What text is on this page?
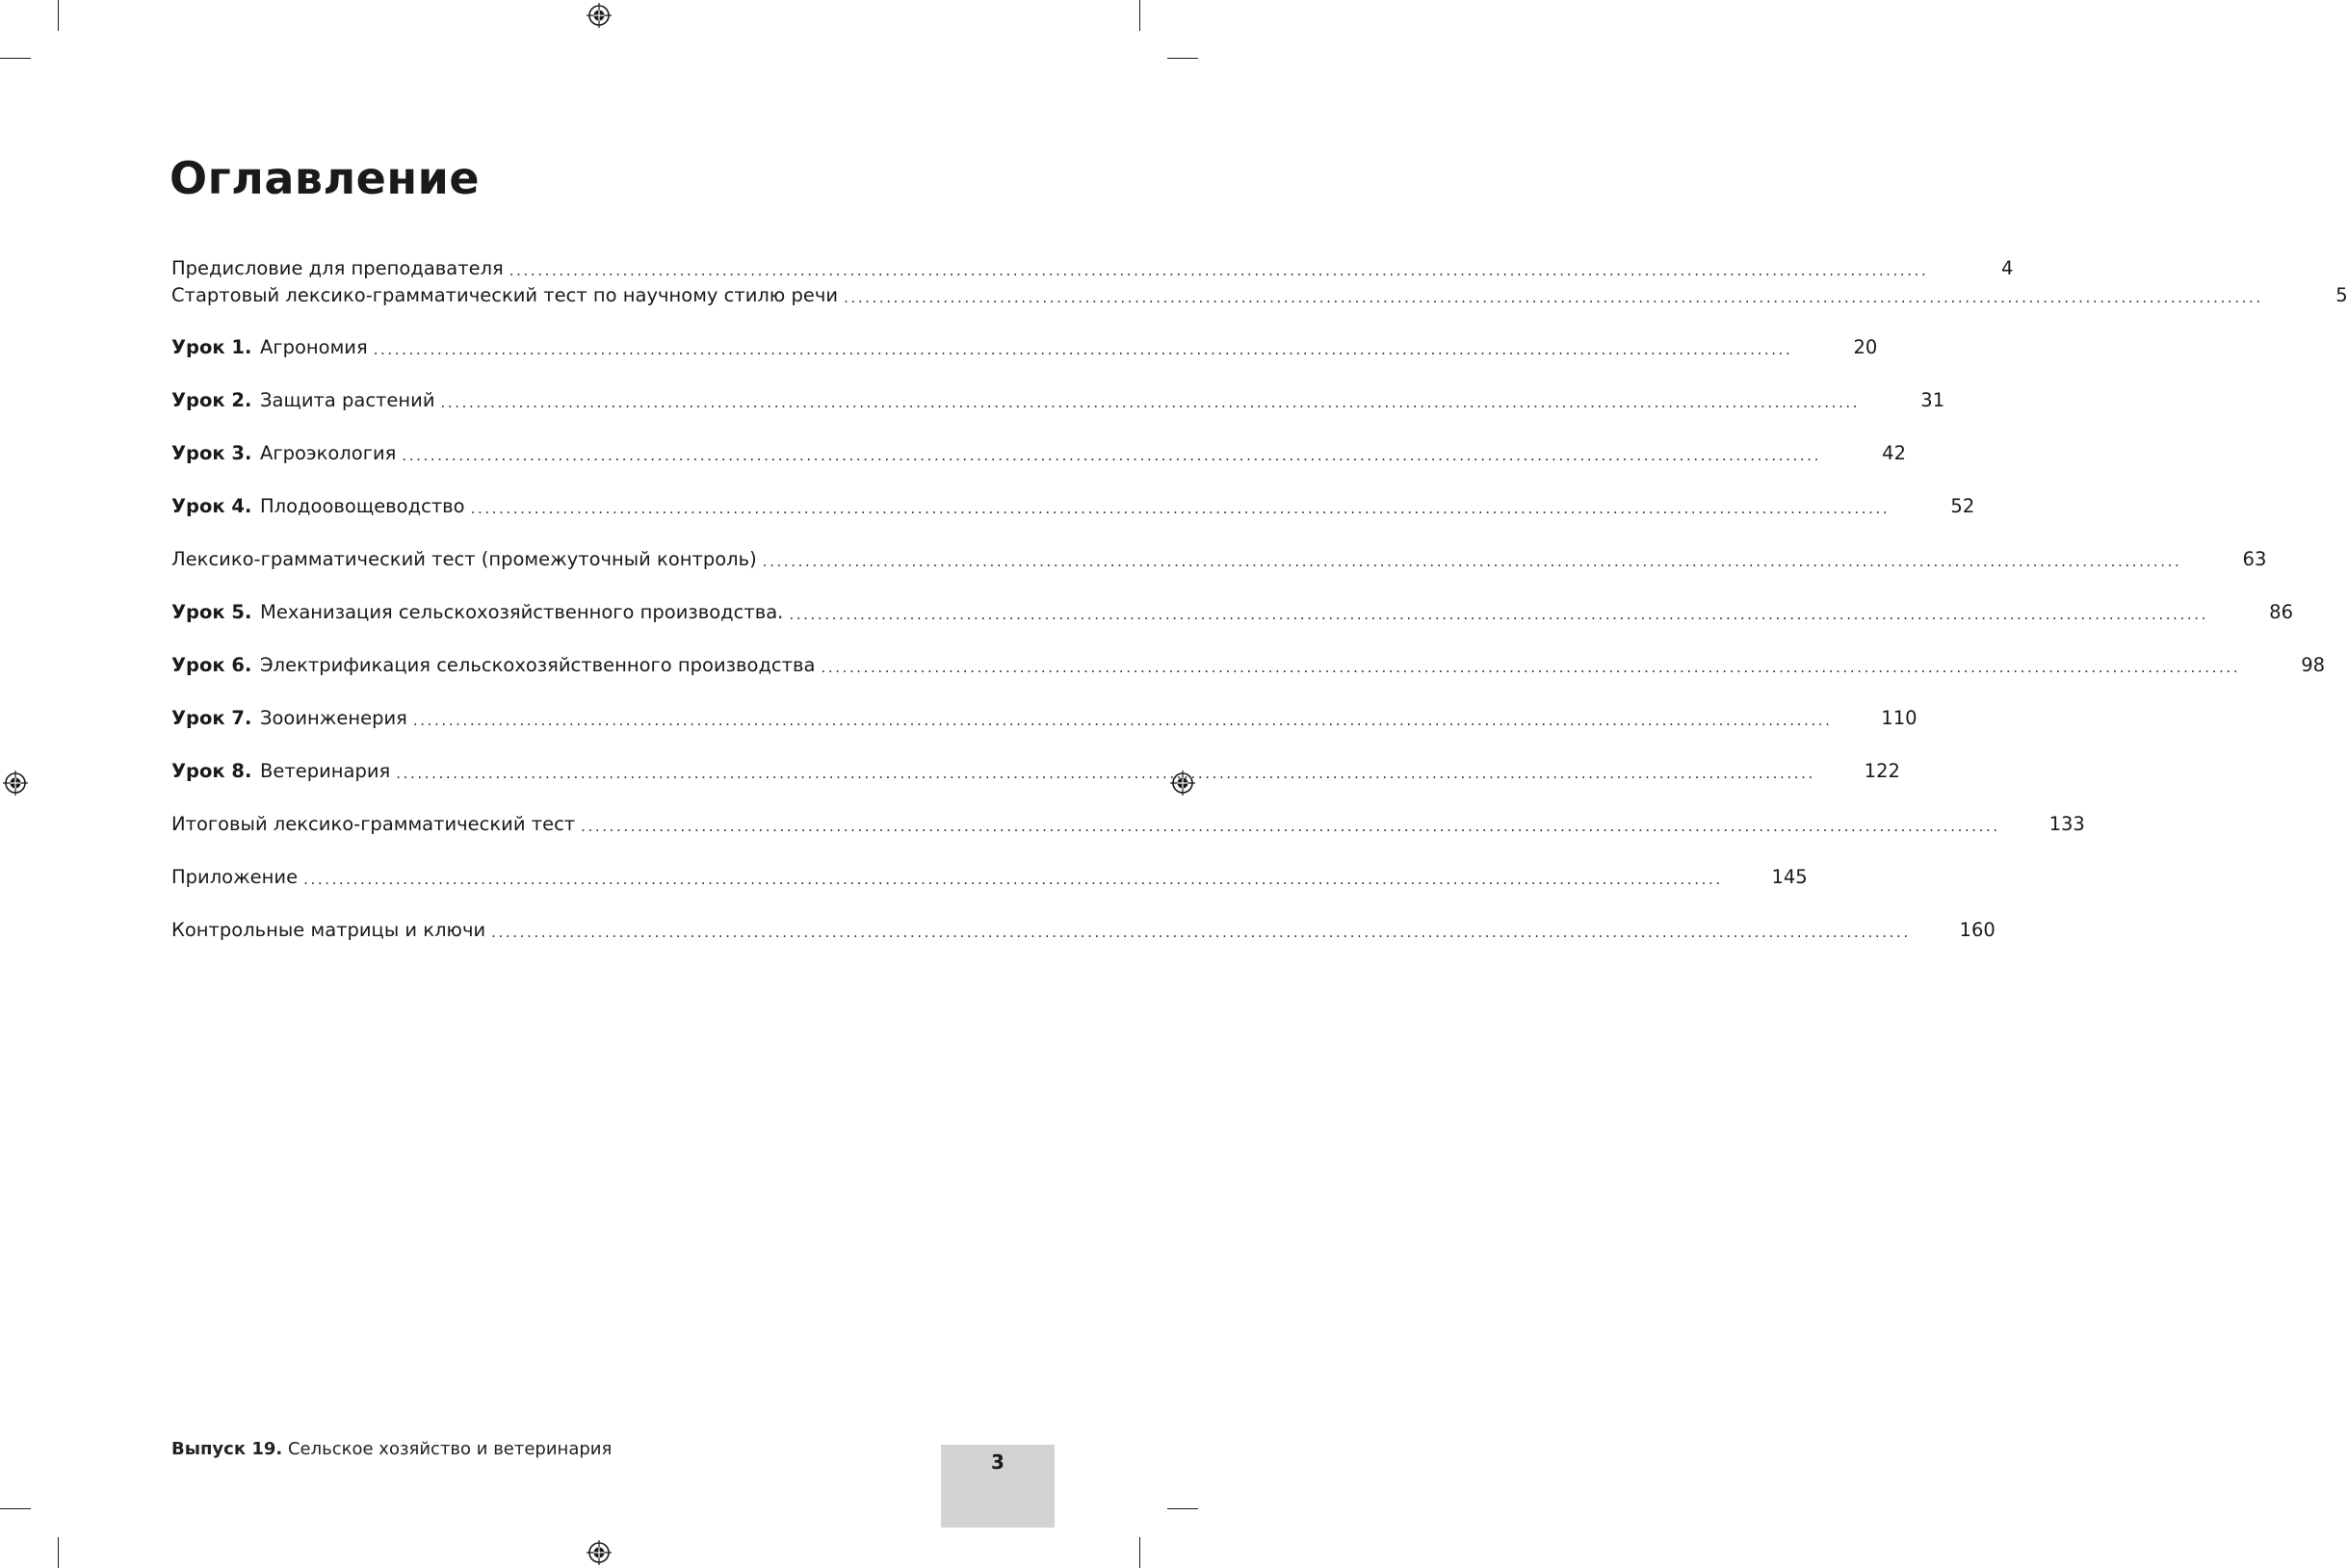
Оглавление
Предисловие для преподавателя ........................................................................................................................................................................................................	4
Стартовый лексико-грамматический тест по научному стилю речи ........................................................................................................................................................................................................	5
Урок 1. Агрономия ........................................................................................................................................................................................................	20
Урок 2. Защита растений ........................................................................................................................................................................................................	31
Урок 3. Агроэкология ........................................................................................................................................................................................................	42
Урок 4. Плодоовощеводство ........................................................................................................................................................................................................	52
Лексико-грамматический тест (промежуточный контроль) ........................................................................................................................................................................................................	63
Урок 5. Механизация сельскохозяйственного производства. ........................................................................................................................................................................................................	86
Урок 6. Электрификация сельскохозяйственного производства ........................................................................................................................................................................................................	98
Урок 7. Зооинженерия ........................................................................................................................................................................................................	110
Урок 8. Ветеринария ........................................................................................................................................................................................................	122
Итоговый лексико-грамматический тест ........................................................................................................................................................................................................	133
Приложение ........................................................................................................................................................................................................	145
Контрольные матрицы и ключи ........................................................................................................................................................................................................	160
Выпуск 19. Сельское хозяйство и ветеринария
3
